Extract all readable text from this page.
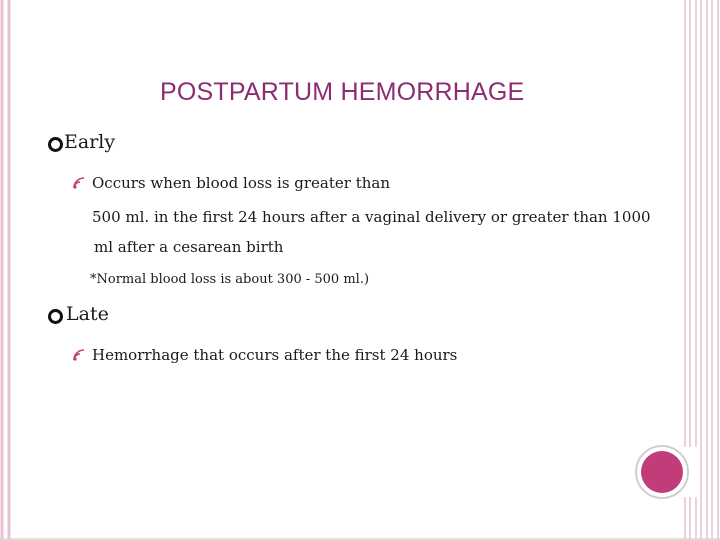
POSTPARTUM HEMORRHAGE
Early
Occurs when blood loss is greater than
500 ml. in the first 24 hours after a vaginal delivery or greater than 1000
ml after a cesarean birth
*Normal blood loss is about 300 - 500 ml.)
Late
Hemorrhage that occurs after the first 24 hours
